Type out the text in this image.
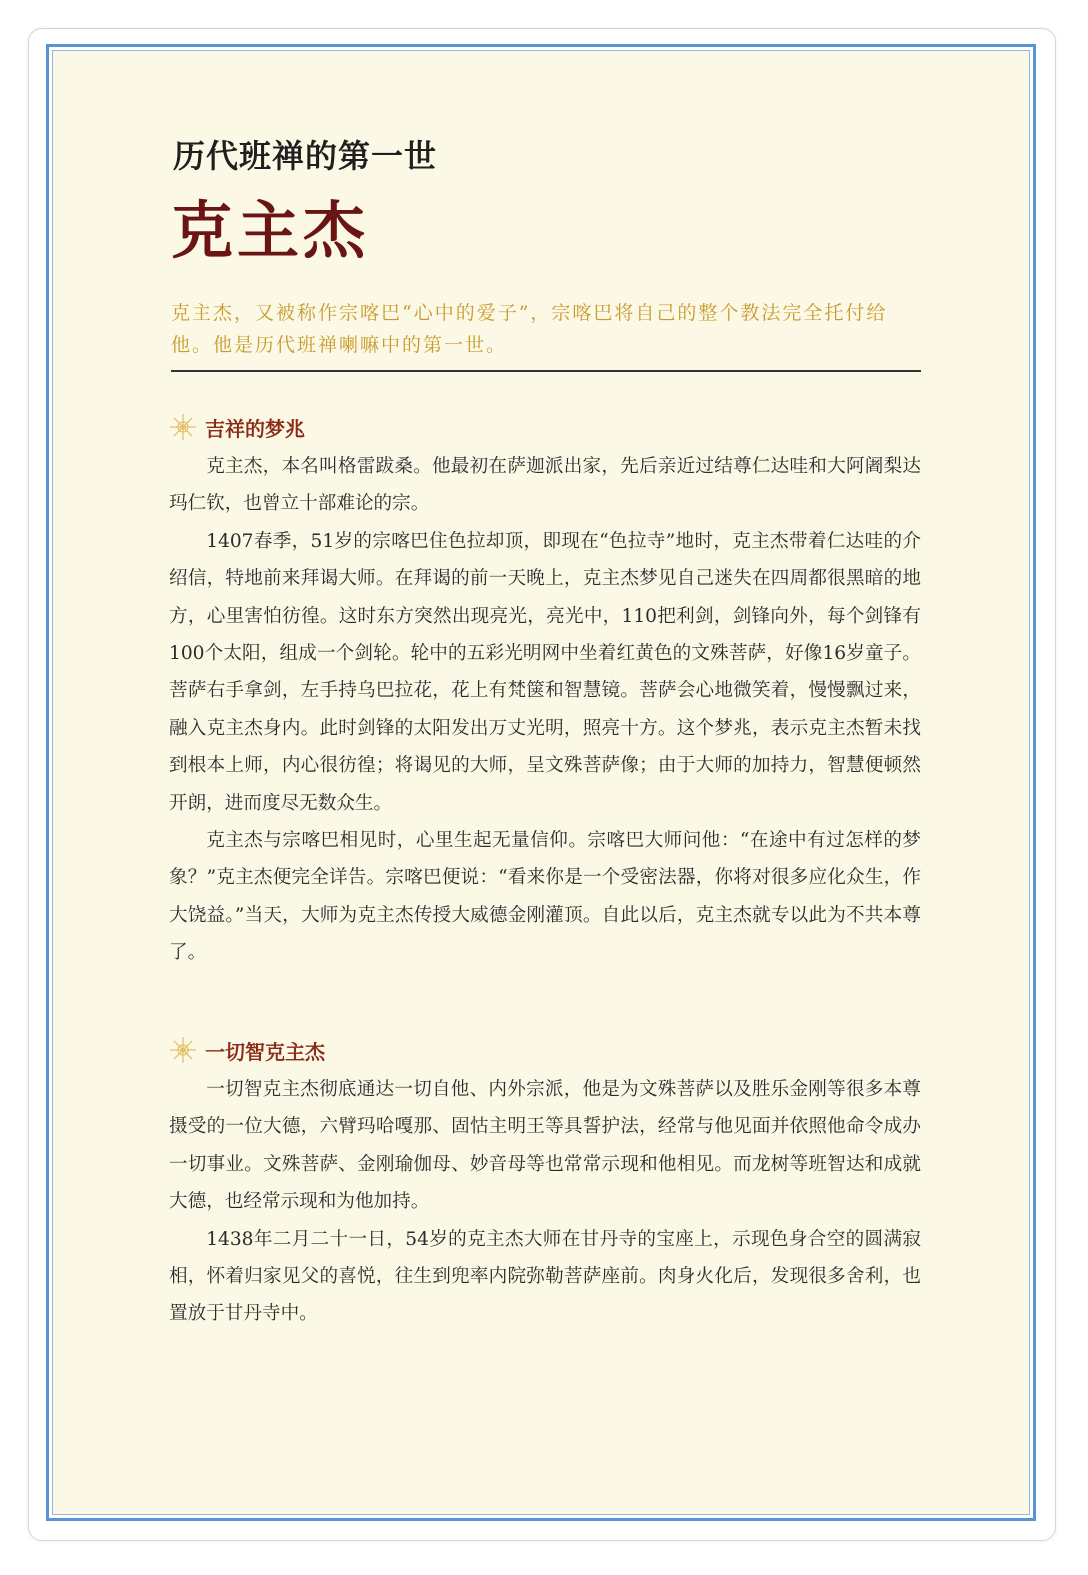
历代班禅的第一世
克主杰
克主杰，又被称作宗喀巴“心中的爱子”，宗喀巴将自己的整个教法完全托付给他。他是历代班禅喇嘛中的第一世。
吉祥的梦兆

克主杰，本名叫格雷跋桑。他最初在萨迦派出家，先后亲近过结尊仁达哇和大阿阇梨达玛仁钦，也曾立十部难论的宗。

1407春季，51岁的宗喀巴住色拉却顶，即现在“色拉寺”地时，克主杰带着仁达哇的介绍信，特地前来拜谒大师。在拜谒的前一天晚上，克主杰梦见自己迷失在四周都很黑暗的地方，心里害怕彷徨。这时东方突然出现亮光，亮光中，110把利剑，剑锋向外，每个剑锋有100个太阳，组成一个剑轮。轮中的五彩光明网中坐着红黄色的文殊菩萨，好像16岁童子。菩萨右手拿剑，左手持乌巴拉花，花上有梵箧和智慧镜。菩萨会心地微笑着，慢慢飘过来，融入克主杰身内。此时剑锋的太阳发出万丈光明，照亮十方。这个梦兆，表示克主杰暂未找到根本上师，内心很彷徨；将谒见的大师，呈文殊菩萨像；由于大师的加持力，智慧便顿然开朗，进而度尽无数众生。

克主杰与宗喀巴相见时，心里生起无量信仰。宗喀巴大师问他：“在途中有过怎样的梦象？”克主杰便完全详告。宗喀巴便说：“看来你是一个受密法器，你将对很多应化众生，作大饶益。”当天，大师为克主杰传授大威德金刚灌顶。自此以后，克主杰就专以此为不共本尊了。

一切智克主杰

一切智克主杰彻底通达一切自他、内外宗派，他是为文殊菩萨以及胜乐金刚等很多本尊摄受的一位大德，六臂玛哈嘎那、固怙主明王等具誓护法，经常与他见面并依照他命令成办一切事业。文殊菩萨、金刚瑜伽母、妙音母等也常常示现和他相见。而龙树等班智达和成就大德，也经常示现和为他加持。

1438年二月二十一日，54岁的克主杰大师在甘丹寺的宝座上，示现色身合空的圆满寂相，怀着归家见父的喜悦，往生到兜率内院弥勒菩萨座前。肉身火化后，发现很多舍利，也置放于甘丹寺中。
